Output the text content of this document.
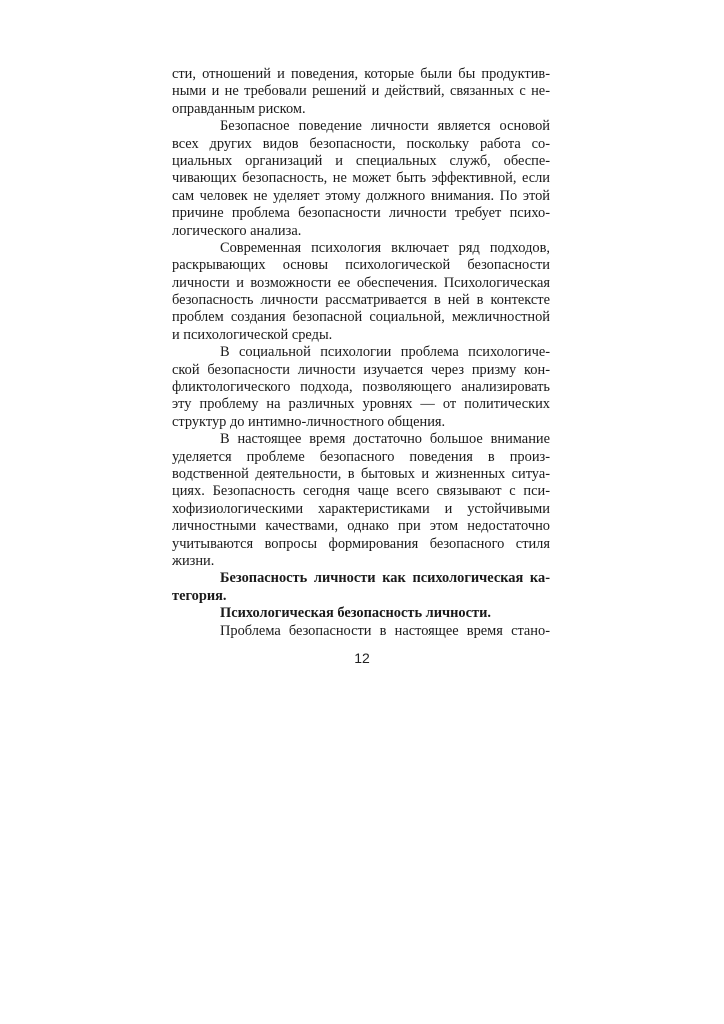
сти, отношений и поведения, которые были бы продуктив-
ными и не требовали решений и действий, связанных с не-
оправданным риском.

Безопасное поведение личности является основой
всех других видов безопасности, поскольку работа со-
циальных организаций и специальных служб, обеспе-
чивающих безопасность, не может быть эффективной, если
сам человек не уделяет этому должного внимания. По этой
причине проблема безопасности личности требует психо-
логического анализа.

Современная психология включает ряд подходов,
раскрывающих основы психологической безопасности
личности и возможности ее обеспечения. Психологическая
безопасность личности рассматривается в ней в контексте
проблем создания безопасной социальной, межличностной
и психологической среды.

В социальной психологии проблема психологиче-
ской безопасности личности изучается через призму кон-
фликтологического подхода, позволяющего анализировать
эту проблему на различных уровнях — от политических
структур до интимно-личностного общения.

В настоящее время достаточно большое внимание
уделяется проблеме безопасного поведения в произ-
водственной деятельности, в бытовых и жизненных ситуа-
циях. Безопасность сегодня чаще всего связывают с пси-
хофизиологическими характеристиками и устойчивыми
личностными качествами, однако при этом недостаточно
учитываются вопросы формирования безопасного стиля
жизни.

Безопасность личности как психологическая ка-
тегория.
Психологическая безопасность личности.

Проблема безопасности в настоящее время стано-

12
